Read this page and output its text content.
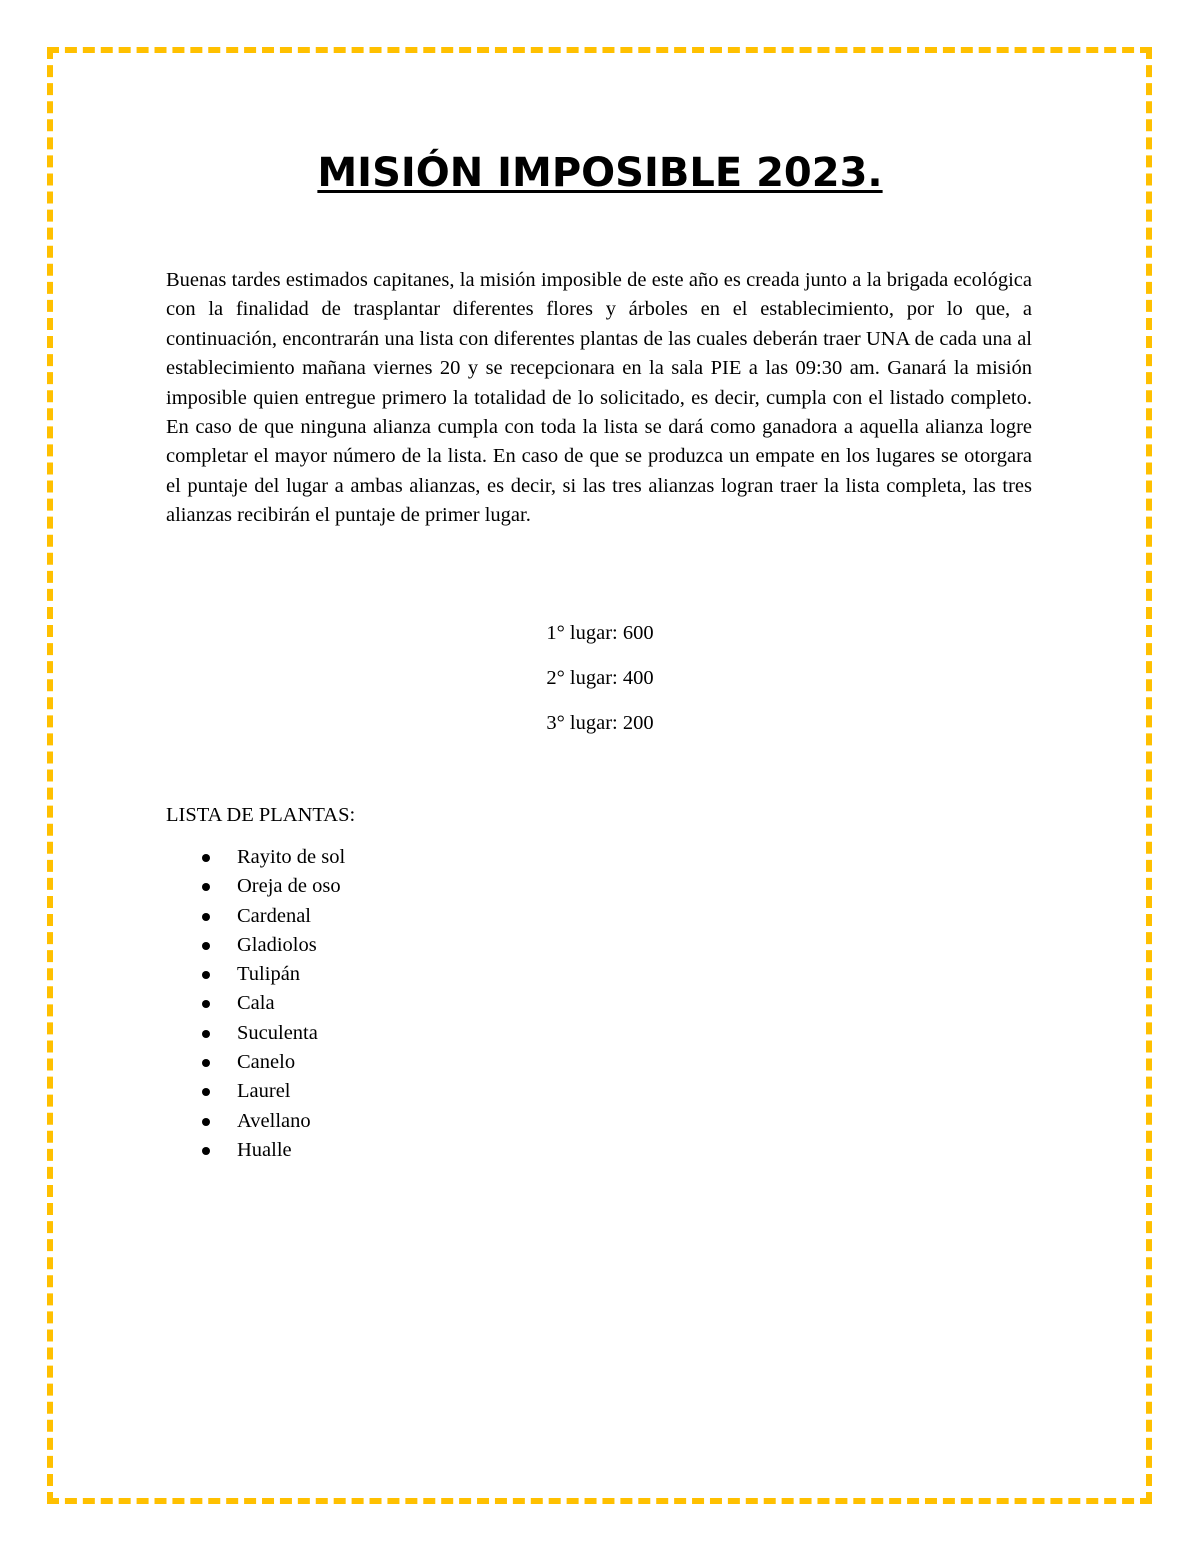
MISIÓN IMPOSIBLE 2023.

Buenas tardes estimados capitanes, la misión imposible de este año es creada junto a la brigada ecológica con la finalidad de trasplantar diferentes flores y árboles en el establecimiento, por lo que, a continuación, encontrarán una lista con diferentes plantas de las cuales deberán traer UNA de cada una al establecimiento mañana viernes 20 y se recepcionara en la sala PIE a las 09:30 am. Ganará la misión imposible quien entregue primero la totalidad de lo solicitado, es decir, cumpla con el listado completo. En caso de que ninguna alianza cumpla con toda la lista se dará como ganadora a aquella alianza logre completar el mayor número de la lista. En caso de que se produzca un empate en los lugares se otorgara el puntaje del lugar a ambas alianzas, es decir, si las tres alianzas logran traer la lista completa, las tres alianzas recibirán el puntaje de primer lugar.

1° lugar: 600
2° lugar: 400
3° lugar: 200

LISTA DE PLANTAS:

Rayito de sol
Oreja de oso
Cardenal
Gladiolos
Tulipán
Cala
Suculenta
Canelo
Laurel
Avellano
Hualle
